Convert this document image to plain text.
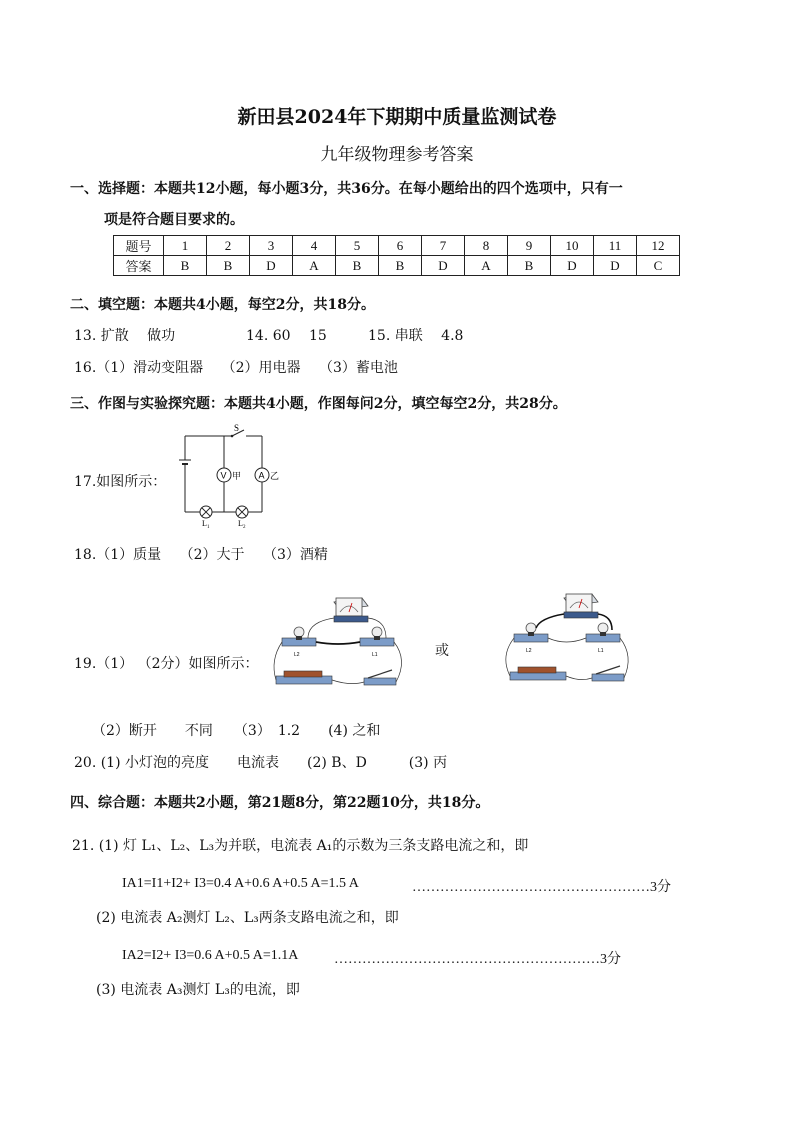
新田县2024年下期期中质量监测试卷
九年级物理参考答案
一、选择题：本题共12小题，每小题3分，共36分。在每小题给出的四个选项中，只有一
项是符合题目要求的。
题号	1	2	3	4	5	6	7	8	9	10	11	12
答案	B	B	D	A	B	B	D	A	B	D	D	C
二、填空题：本题共4小题，每空2分，共18分。
13. 扩散　 做功	14. 60　 15	15. 串联　 4.8
16.（1）滑动变阻器　 （2）用电器　 （3）蓄电池
三、作图与实验探究题：本题共4小题，作图每问2分，填空每空2分，共28分。
17.如图所示：
S
V 甲 A 乙
L 1	L 2
18.（1）质量　 （2）大于　 （3）酒精
19.（1） （2分）如图所示：
或
L2	L1
L2	L1
（2）断开　　不同　　（3）　1.2　　(4) 之和
20. (1) 小灯泡的亮度　　电流表　　(2) B、D　　　(3) 丙
四、综合题：本题共2小题，第21题8分，第22题10分，共18分。
21. (1) 灯 L₁、L₂、L₃为并联，电流表 A₁的示数为三条支路电流之和，即
IA1=I1+I2+ I3=0.4 A+0.6 A+0.5 A=1.5 A	……………………………………………3分
(2) 电流表 A₂测灯 L₂、L₃两条支路电流之和，即
IA2=I2+ I3=0.6 A+0.5 A=1.1A	…………………………………………………3分
(3) 电流表 A₃测灯 L₃的电流，即
